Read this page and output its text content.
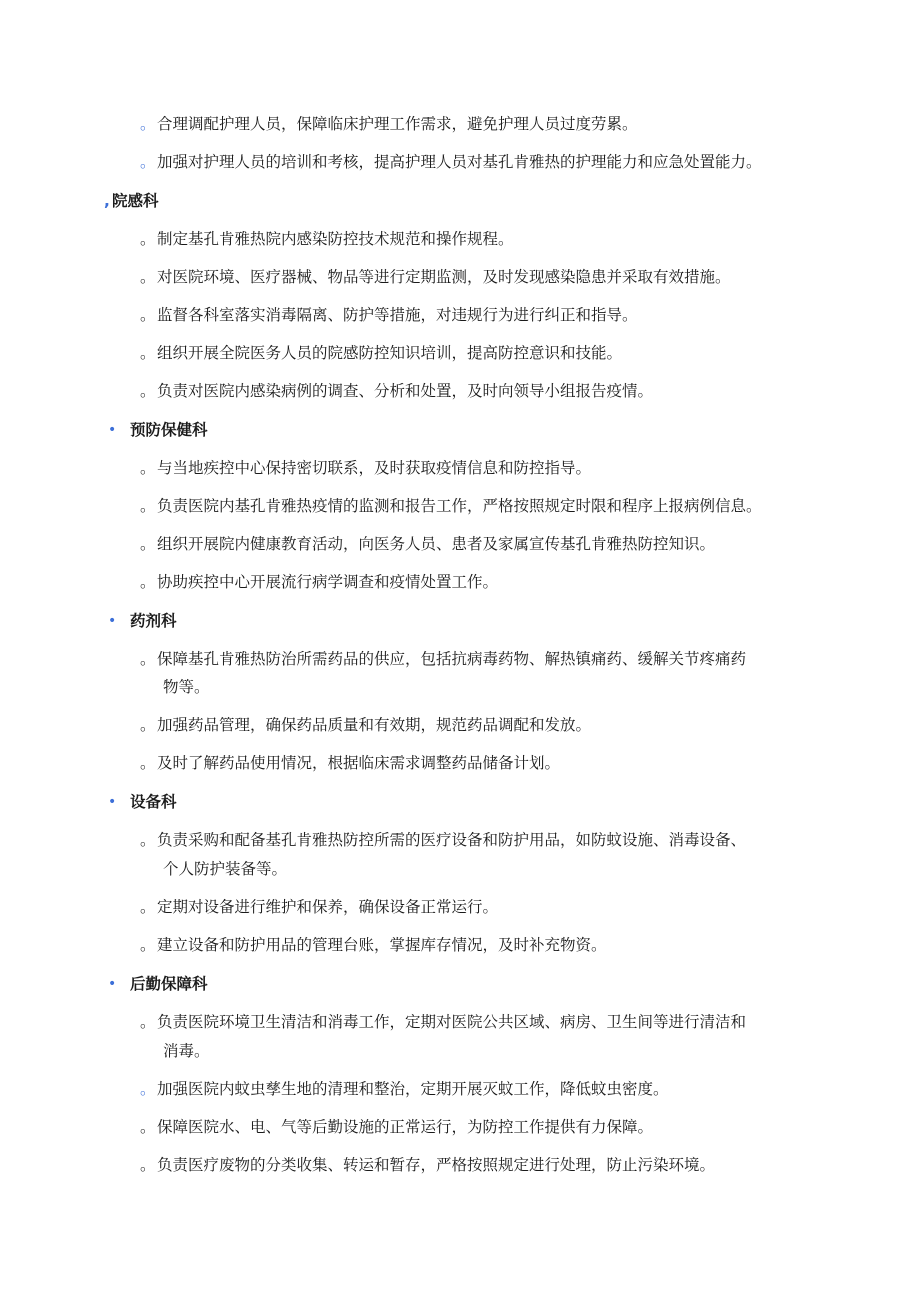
。 合理调配护理人员，保障临床护理工作需求，避免护理人员过度劳累。
。 加强对护理人员的培训和考核，提高护理人员对基孔肯雅热的护理能力和应急处置能力。
, 院感科
。 制定基孔肯雅热院内感染防控技术规范和操作规程。
。 对医院环境、医疗器械、物品等进行定期监测，及时发现感染隐患并采取有效措施。
。 监督各科室落实消毒隔离、防护等措施，对违规行为进行纠正和指导。
。 组织开展全院医务人员的院感防控知识培训，提高防控意识和技能。
。 负责对医院内感染病例的调查、分析和处置，及时向领导小组报告疫情。
• 预防保健科
。 与当地疾控中心保持密切联系，及时获取疫情信息和防控指导。
。 负责医院内基孔肯雅热疫情的监测和报告工作，严格按照规定时限和程序上报病例信息。
。 组织开展院内健康教育活动，向医务人员、患者及家属宣传基孔肯雅热防控知识。
。 协助疾控中心开展流行病学调查和疫情处置工作。
• 药剂科
。 保障基孔肯雅热防治所需药品的供应，包括抗病毒药物、解热镇痛药、缓解关节疼痛药
物等。
。 加强药品管理，确保药品质量和有效期，规范药品调配和发放。
。 及时了解药品使用情况，根据临床需求调整药品储备计划。
• 设备科
。 负责采购和配备基孔肯雅热防控所需的医疗设备和防护用品，如防蚊设施、消毒设备、
个人防护装备等。
。 定期对设备进行维护和保养，确保设备正常运行。
。 建立设备和防护用品的管理台账，掌握库存情况，及时补充物资。
• 后勤保障科
。 负责医院环境卫生清洁和消毒工作，定期对医院公共区域、病房、卫生间等进行清洁和
消毒。
。 加强医院内蚊虫孳生地的清理和整治，定期开展灭蚊工作，降低蚊虫密度。
。 保障医院水、电、气等后勤设施的正常运行，为防控工作提供有力保障。
。 负责医疗废物的分类收集、转运和暂存，严格按照规定进行处理，防止污染环境。
